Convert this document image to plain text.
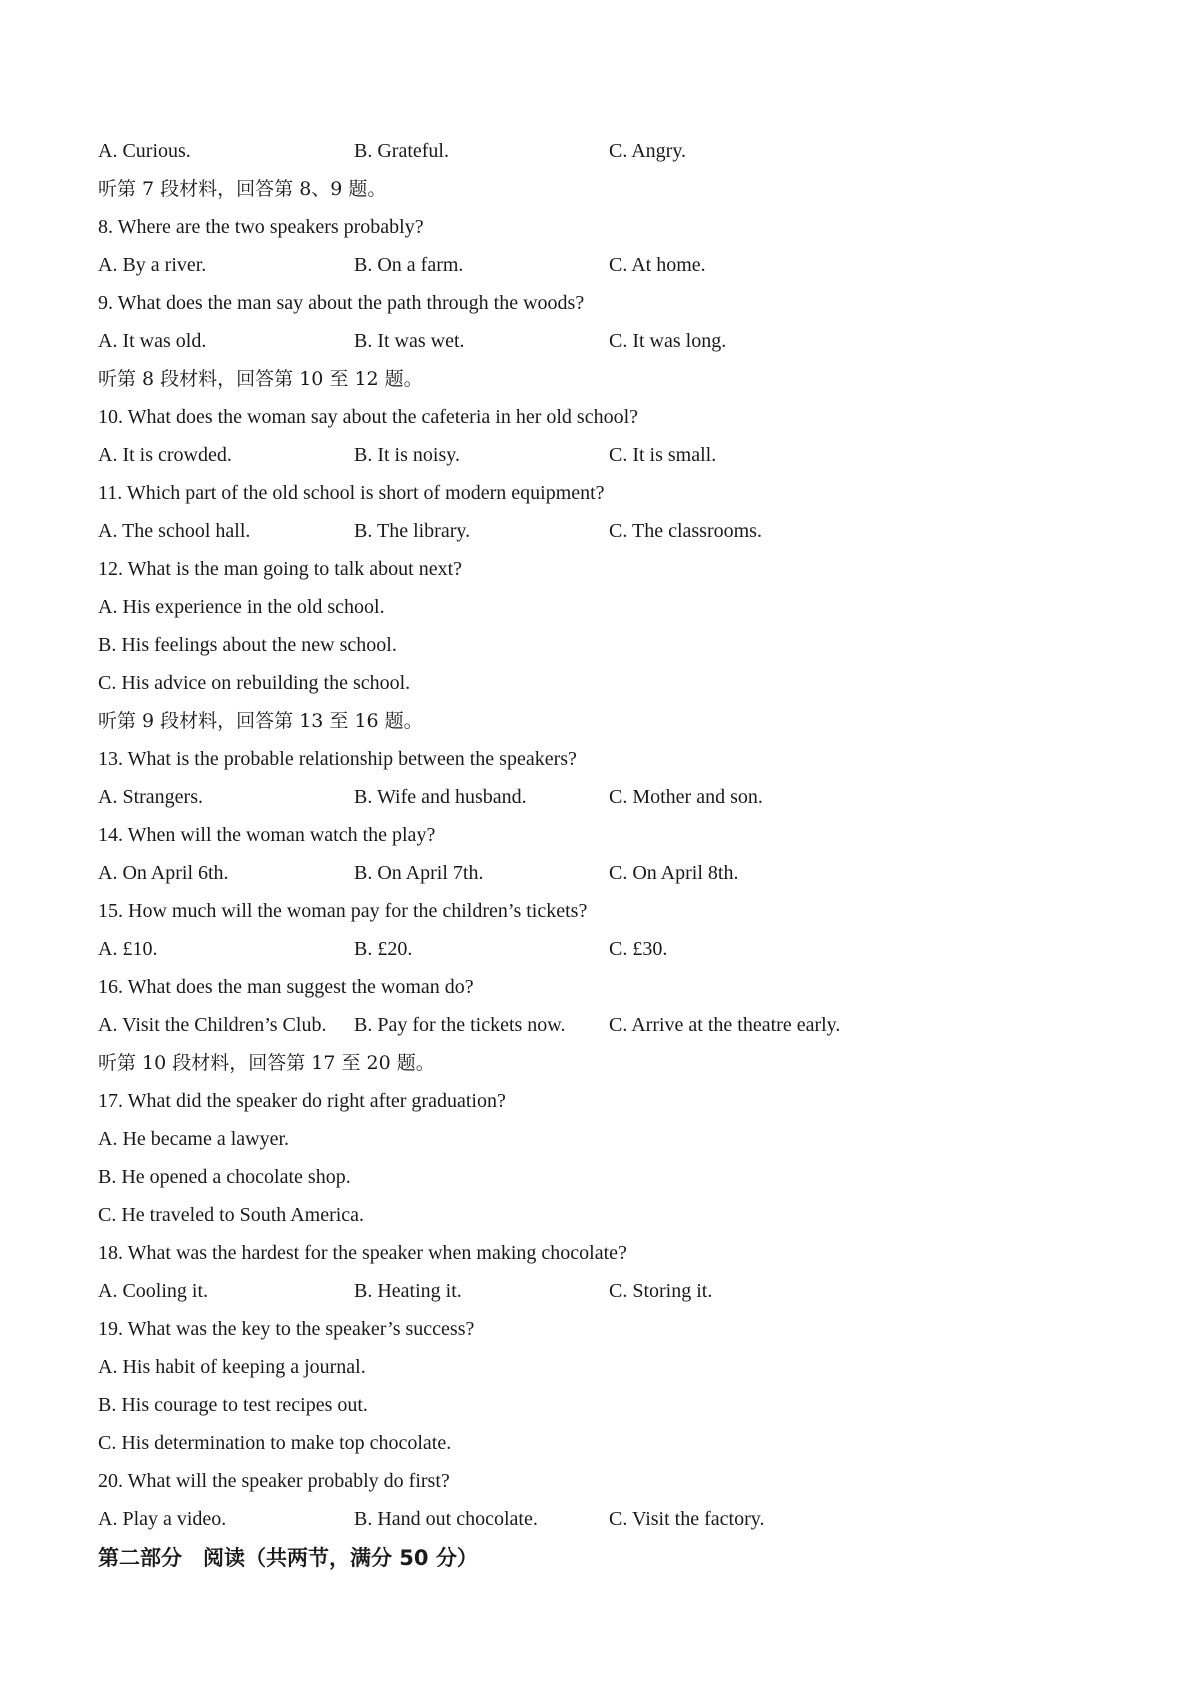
A. Curious.	B. Grateful.	C. Angry.
听第 7 段材料，回答第 8、9 题。
8. Where are the two speakers probably?
A. By a river.	B. On a farm.	C. At home.
9. What does the man say about the path through the woods?
A. It was old.	B. It was wet.	C. It was long.
听第 8 段材料，回答第 10 至 12 题。
10. What does the woman say about the cafeteria in her old school?
A. It is crowded.	B. It is noisy.	C. It is small.
11. Which part of the old school is short of modern equipment?
A. The school hall.	B. The library.	C. The classrooms.
12. What is the man going to talk about next?
A. His experience in the old school.
B. His feelings about the new school.
C. His advice on rebuilding the school.
听第 9 段材料，回答第 13 至 16 题。
13. What is the probable relationship between the speakers?
A. Strangers.	B. Wife and husband.	C. Mother and son.
14. When will the woman watch the play?
A. On April 6th.	B. On April 7th.	C. On April 8th.
15. How much will the woman pay for the children’s tickets?
A. £10.	B. £20.	C. £30.
16. What does the man suggest the woman do?
A. Visit the Children’s Club. B. Pay for the tickets now. C. Arrive at the theatre early.
听第 10 段材料，回答第 17 至 20 题。
17. What did the speaker do right after graduation?
A. He became a lawyer.
B. He opened a chocolate shop.
C. He traveled to South America.
18. What was the hardest for the speaker when making chocolate?
A. Cooling it.	B. Heating it.	C. Storing it.
19. What was the key to the speaker’s success?
A. His habit of keeping a journal.
B. His courage to test recipes out.
C. His determination to make top chocolate.
20. What will the speaker probably do first?
A. Play a video.	B. Hand out chocolate.	C. Visit the factory.
第二部分　阅读（共两节，满分 50 分）
